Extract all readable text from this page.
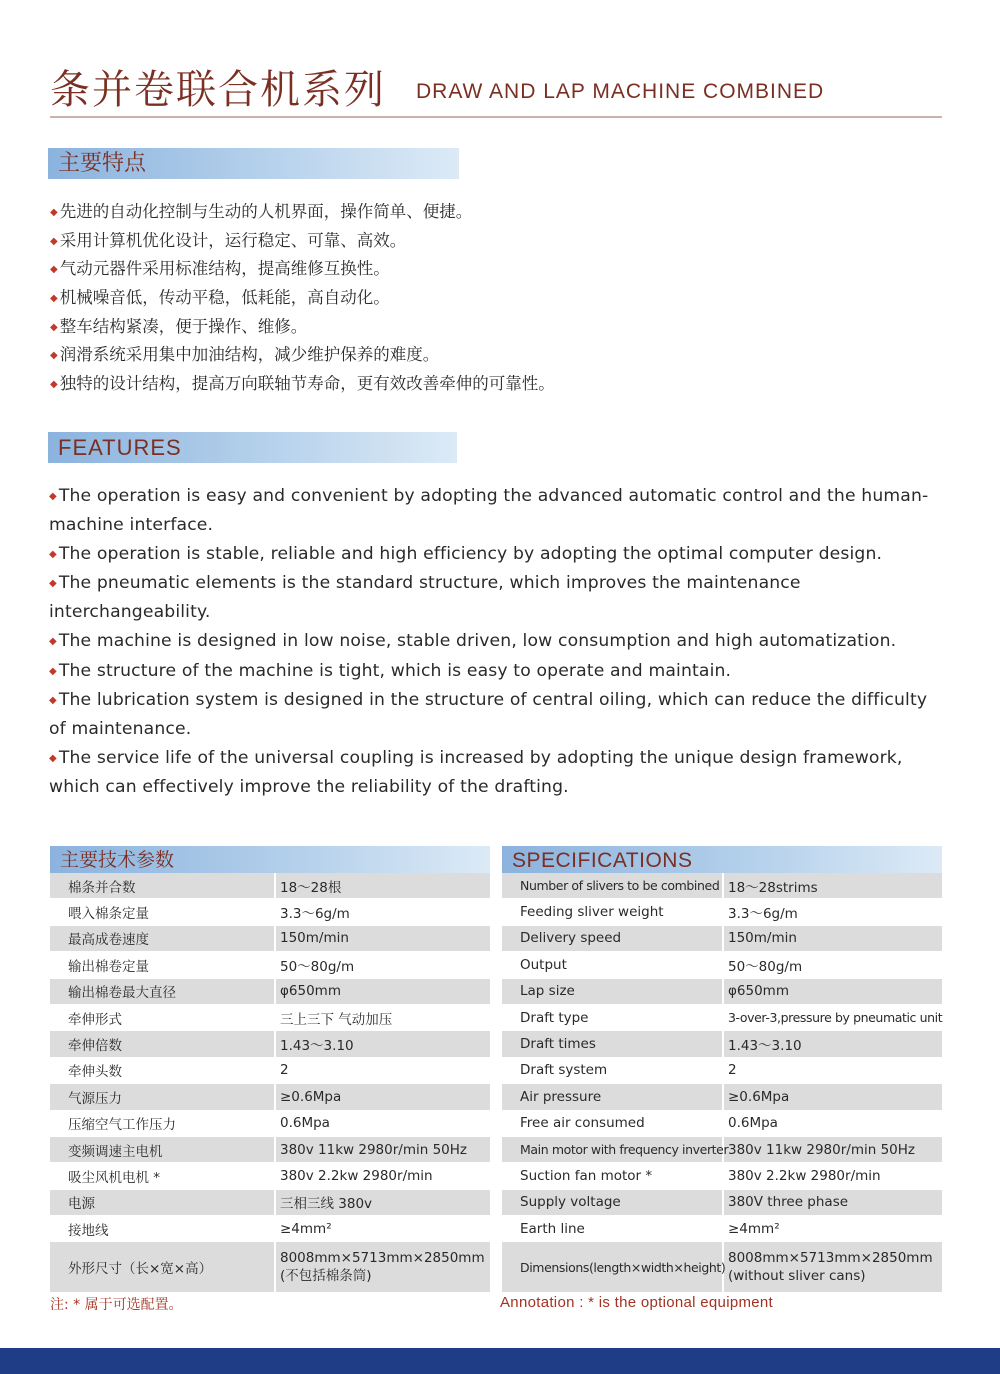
条并卷联合机系列 DRAW AND LAP MACHINE COMBINED
主要特点
◆ 先进的自动化控制与生动的人机界面，操作简单、便捷。
◆ 采用计算机优化设计，运行稳定、可靠、高效。
◆ 气动元器件采用标准结构，提高维修互换性。
◆ 机械噪音低，传动平稳，低耗能，高自动化。
◆ 整车结构紧凑，便于操作、维修。
◆ 润滑系统采用集中加油结构，减少维护保养的难度。
◆ 独特的设计结构，提高万向联轴节寿命，更有效改善牵伸的可靠性。
FEATURES
◆ The operation is easy and convenient by adopting the advanced automatic control and the human-machine interface.
◆ The operation is stable, reliable and high efficiency by adopting the optimal computer design.
◆ The pneumatic elements is the standard structure, which improves the maintenance interchangeability.
◆ The machine is designed in low noise, stable driven, low consumption and high automatization.
◆ The structure of the machine is tight, which is easy to operate and maintain.
◆ The lubrication system is designed in the structure of central oiling, which can reduce the difficulty of maintenance.
◆ The service life of the universal coupling is increased by adopting the unique design framework, which can effectively improve the reliability of the drafting.
主要技术参数	SPECIFICATIONS
棉条并合数	18～28根

喂入棉条定量	3.3～6g/m

最高成卷速度	150m/min

输出棉卷定量	50～80g/m

输出棉卷最大直径	φ650mm

牵伸形式	三上三下 气动加压

牵伸倍数	1.43～3.10

牵伸头数	2

气源压力	≥0.6Mpa

压缩空气工作压力	0.6Mpa

变频调速主电机	380v 11kw 2980r/min 50Hz

吸尘风机电机 *	380v 2.2kw 2980r/min

电源	三相三线 380v

接地线	≥4mm²

外形尺寸（长×宽×高）	8008mm×5713mm×2850mm
(不包括棉条筒)
Number of slivers to be combined	18～28strims

Feeding sliver weight	3.3～6g/m

Delivery speed	150m/min

Output	50～80g/m

Lap size	φ650mm

Draft type	3-over-3,pressure by pneumatic unit

Draft times	1.43～3.10

Draft system	2

Air pressure	≥0.6Mpa

Free air consumed	0.6Mpa

Main motor with frequency inverter	380v 11kw 2980r/min 50Hz

Suction fan motor *	380v 2.2kw 2980r/min

Supply voltage	380V three phase

Earth line	≥4mm²

Dimensions(length×width×height)	8008mm×5713mm×2850mm
(without sliver cans)
注: * 属于可选配置。	Annotation : * is the optional equipment
